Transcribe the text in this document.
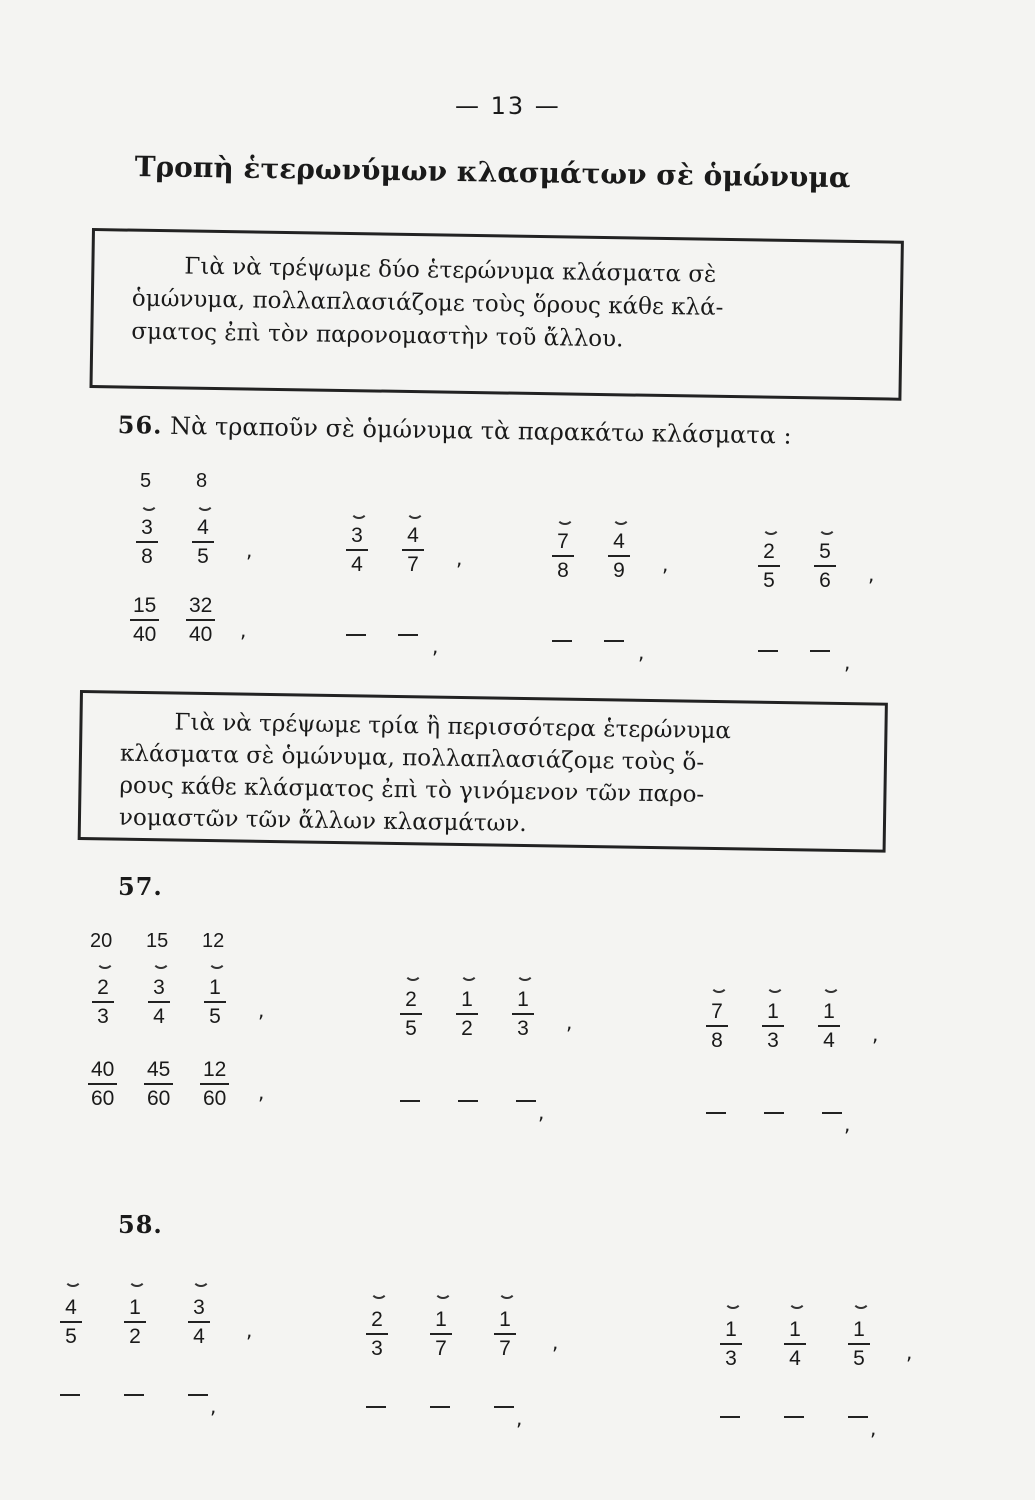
— 13 —
Τροπὴ ἑτερωνύμων κλασμάτων σὲ ὁμώνυμα
Γιὰ νὰ τρέψωμε δύο ἑτερώνυμα κλάσματα σὲ
ὁμώνυμα, πολλαπλασιάζομε τοὺς ὅρους κάθε κλά-
σματος ἐπὶ τὸν παρονομαστὴν τοῦ ἄλλου.
56. Νὰ τραποῦν σὲ ὁμώνυμα τὰ παρακάτω κλάσματα :
Γιὰ νὰ τρέψωμε τρία ἢ περισσότερα ἑτερώνυμα
κλάσματα σὲ ὁμώνυμα, πολλαπλασιάζομε τοὺς ὅ-
ρους κάθε κλάσματος ἐπὶ τὸ γινόμενον τῶν παρο-
νομαστῶν τῶν ἄλλων κλασμάτων.
57.
58.
5
3
8
8
4
5 ,
15
40
32
40 ,
3
4
4
7 ,
,
7
8
4
9 ,
,
2
5
5
6 ,
,
20
2
3
15
3
4
12
1
5 ,
40
60
45
60
12
60 ,
2
5
1
2
1
3 ,
,
7
8
1
3
1
4 ,
,
4
5
1
2
3
4 ,
,
2
3
1
7
1
7 ,
,
1
3
1
4
1
5 ,
,
